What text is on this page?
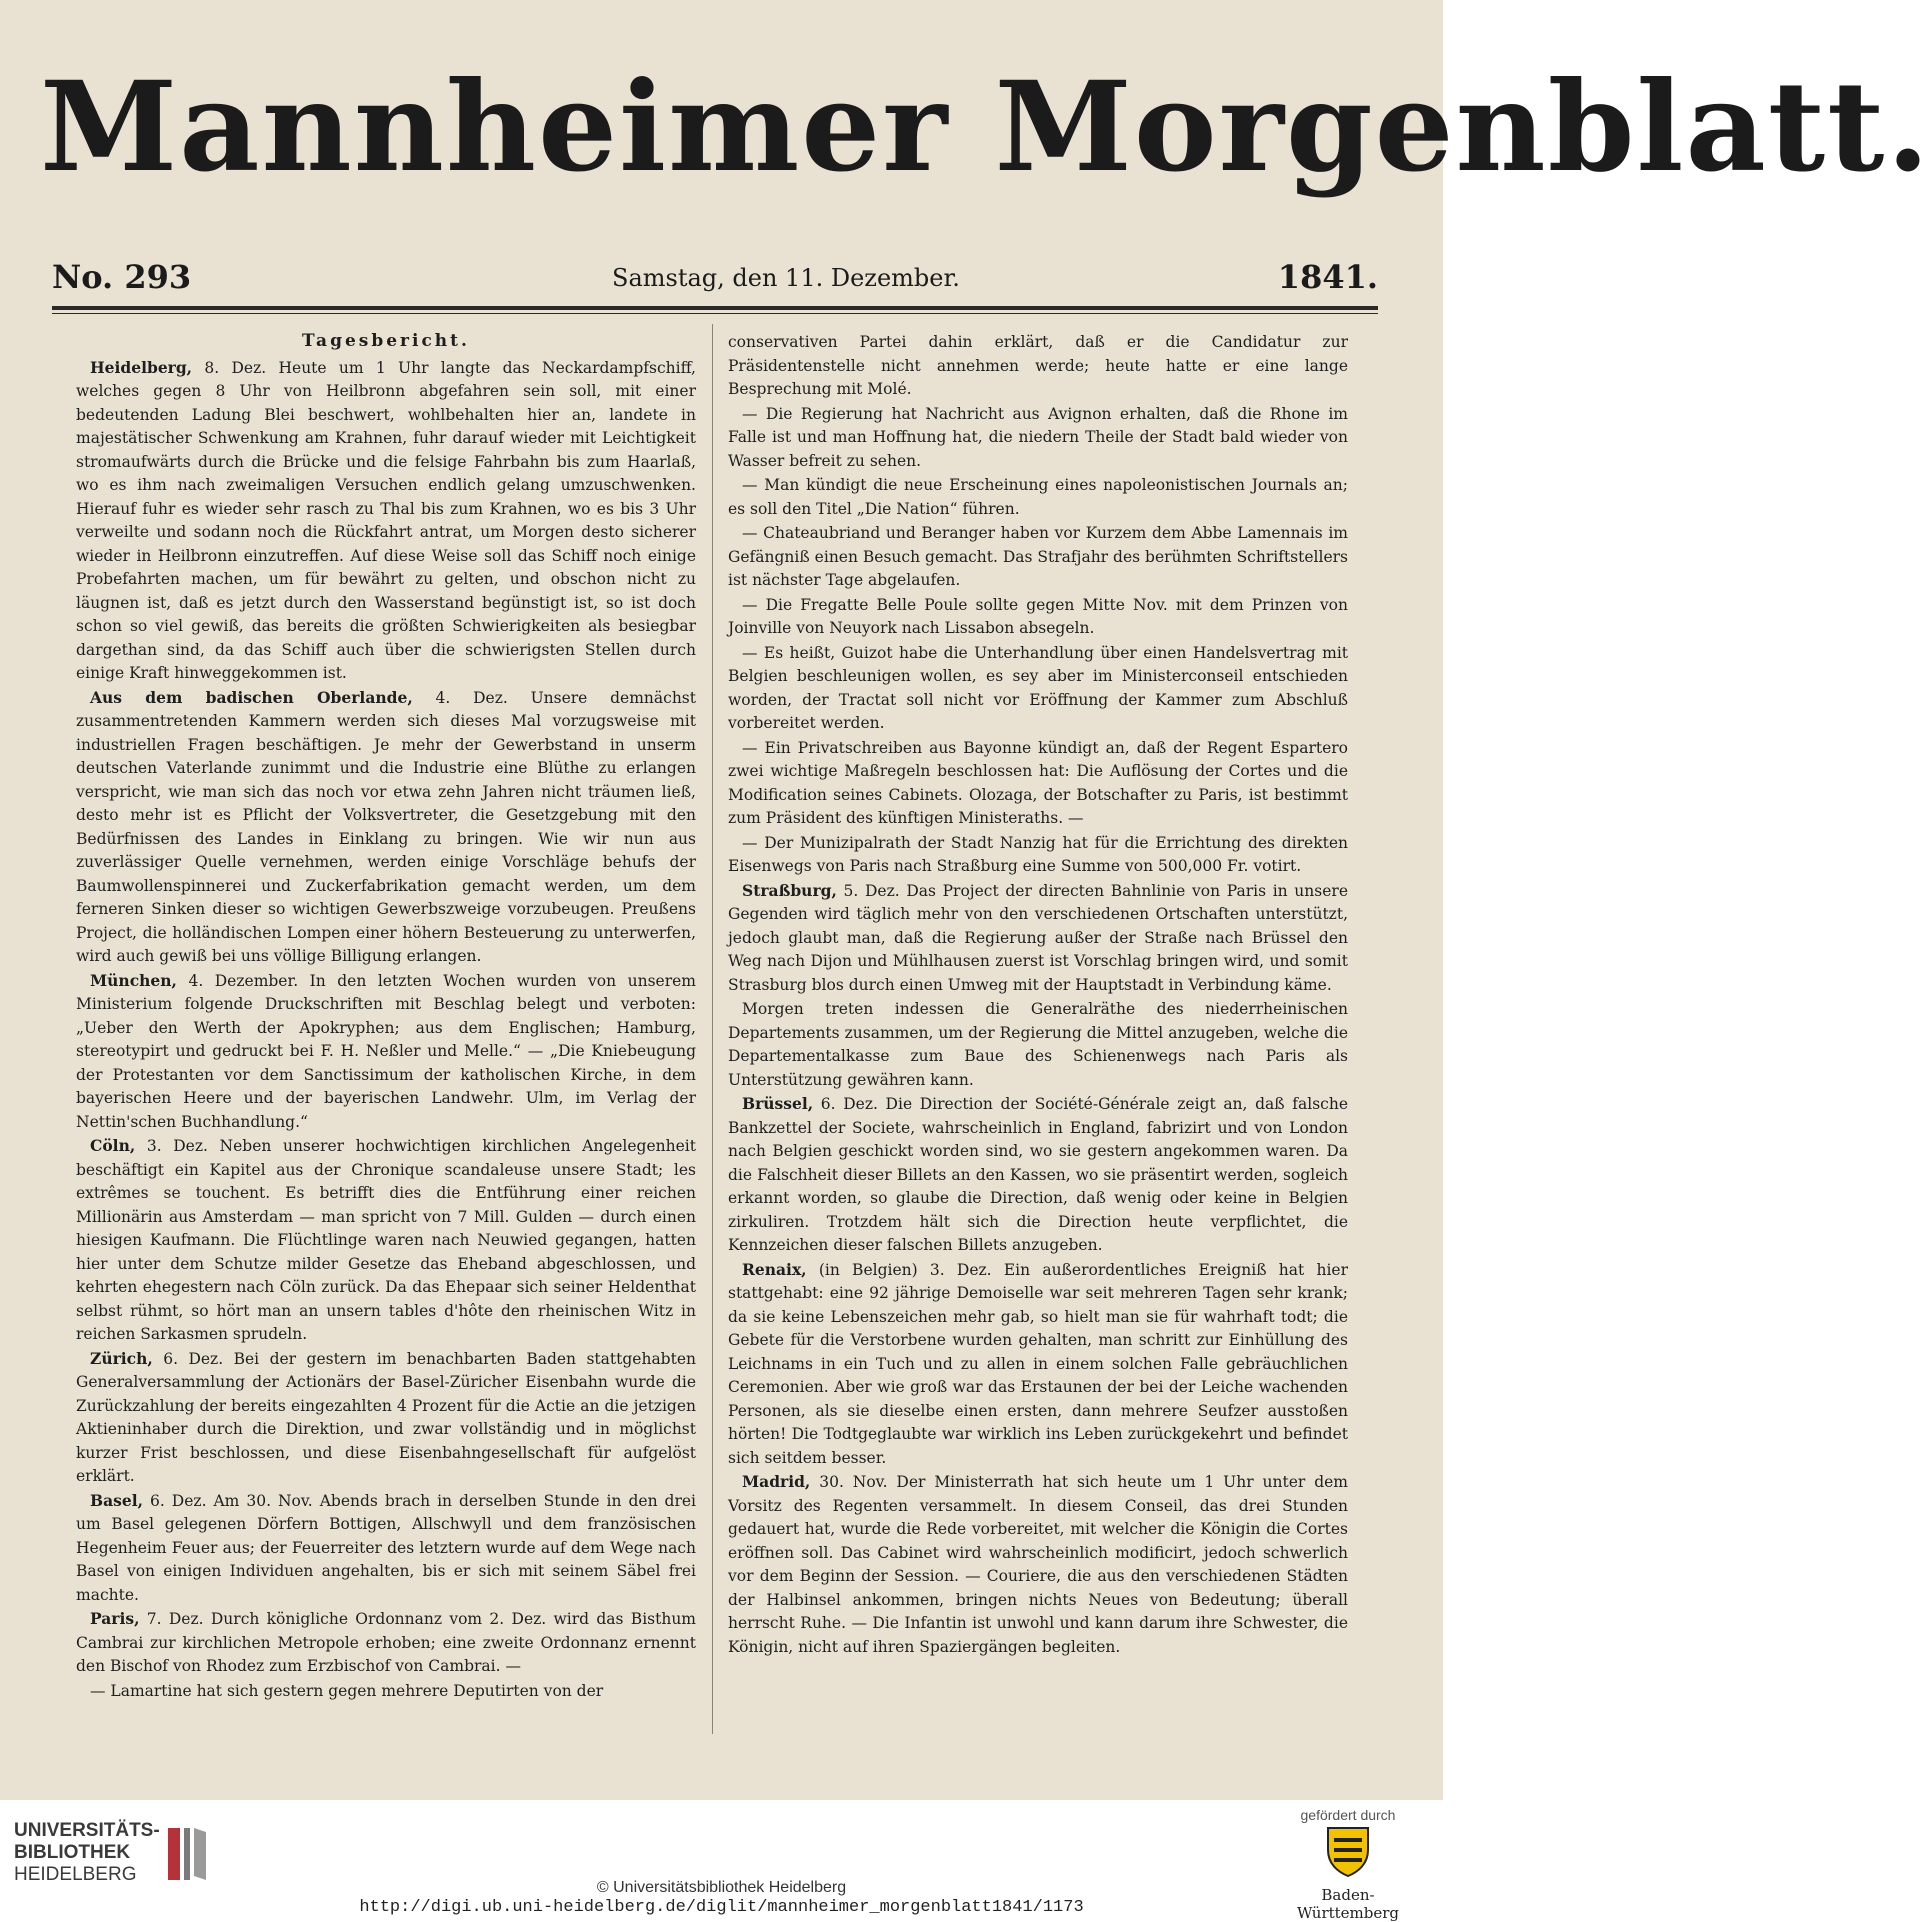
Mannheimer Morgenblatt.
No. 293	Samstag, den 11. Dezember.	1841.
Tagesbericht.

Heidelberg, 8. Dez. Heute um 1 Uhr langte das Neckardampfschiff, welches gegen 8 Uhr von Heilbronn abgefahren sein soll, mit einer bedeutenden Ladung Blei beschwert, wohlbehalten hier an, landete in majestätischer Schwenkung am Krahnen, fuhr darauf wieder mit Leichtigkeit stromaufwärts durch die Brücke und die felsige Fahrbahn bis zum Haarlaß, wo es ihm nach zweimaligen Versuchen endlich gelang umzuschwenken. Hierauf fuhr es wieder sehr rasch zu Thal bis zum Krahnen, wo es bis 3 Uhr verweilte und sodann noch die Rückfahrt antrat, um Morgen desto sicherer wieder in Heilbronn einzutreffen. Auf diese Weise soll das Schiff noch einige Probefahrten machen, um für bewährt zu gelten, und obschon nicht zu läugnen ist, daß es jetzt durch den Wasserstand begünstigt ist, so ist doch schon so viel gewiß, das bereits die größten Schwierigkeiten als besiegbar dargethan sind, da das Schiff auch über die schwierigsten Stellen durch einige Kraft hinweggekommen ist.

Aus dem badischen Oberlande, 4. Dez. Unsere demnächst zusammentretenden Kammern werden sich dieses Mal vorzugsweise mit industriellen Fragen beschäftigen. Je mehr der Gewerbstand in unserm deutschen Vaterlande zunimmt und die Industrie eine Blüthe zu erlangen verspricht, wie man sich das noch vor etwa zehn Jahren nicht träumen ließ, desto mehr ist es Pflicht der Volksvertreter, die Gesetzgebung mit den Bedürfnissen des Landes in Einklang zu bringen. Wie wir nun aus zuverlässiger Quelle vernehmen, werden einige Vorschläge behufs der Baumwollenspinnerei und Zuckerfabrikation gemacht werden, um dem ferneren Sinken dieser so wichtigen Gewerbszweige vorzubeugen. Preußens Project, die holländischen Lompen einer höhern Besteuerung zu unterwerfen, wird auch gewiß bei uns völlige Billigung erlangen.

München, 4. Dezember. In den letzten Wochen wurden von unserem Ministerium folgende Druckschriften mit Beschlag belegt und verboten: „Ueber den Werth der Apokryphen; aus dem Englischen; Hamburg, stereotypirt und gedruckt bei F. H. Neßler und Melle.“ — „Die Kniebeugung der Protestanten vor dem Sanctissimum der katholischen Kirche, in dem bayerischen Heere und der bayerischen Landwehr. Ulm, im Verlag der Nettin'schen Buchhandlung.“

Cöln, 3. Dez. Neben unserer hochwichtigen kirchlichen Angelegenheit beschäftigt ein Kapitel aus der Chronique scandaleuse unsere Stadt; les extrêmes se touchent. Es betrifft dies die Entführung einer reichen Millionärin aus Amsterdam — man spricht von 7 Mill. Gulden — durch einen hiesigen Kaufmann. Die Flüchtlinge waren nach Neuwied gegangen, hatten hier unter dem Schutze milder Gesetze das Eheband abgeschlossen, und kehrten ehegestern nach Cöln zurück. Da das Ehepaar sich seiner Heldenthat selbst rühmt, so hört man an unsern tables d'hôte den rheinischen Witz in reichen Sarkasmen sprudeln.

Zürich, 6. Dez. Bei der gestern im benachbarten Baden stattgehabten Generalversammlung der Actionärs der Basel-Züricher Eisenbahn wurde die Zurückzahlung der bereits eingezahlten 4 Prozent für die Actie an die jetzigen Aktieninhaber durch die Direktion, und zwar vollständig und in möglichst kurzer Frist beschlossen, und diese Eisenbahngesellschaft für aufgelöst erklärt.

Basel, 6. Dez. Am 30. Nov. Abends brach in derselben Stunde in den drei um Basel gelegenen Dörfern Bottigen, Allschwyll und dem französischen Hegenheim Feuer aus; der Feuerreiter des letztern wurde auf dem Wege nach Basel von einigen Individuen angehalten, bis er sich mit seinem Säbel frei machte.

Paris, 7. Dez. Durch königliche Ordonnanz vom 2. Dez. wird das Bisthum Cambrai zur kirchlichen Metropole erhoben; eine zweite Ordonnanz ernennt den Bischof von Rhodez zum Erzbischof von Cambrai. —

— Lamartine hat sich gestern gegen mehrere Deputirten von der

conservativen Partei dahin erklärt, daß er die Candidatur zur Präsidentenstelle nicht annehmen werde; heute hatte er eine lange Besprechung mit Molé.

— Die Regierung hat Nachricht aus Avignon erhalten, daß die Rhone im Falle ist und man Hoffnung hat, die niedern Theile der Stadt bald wieder von Wasser befreit zu sehen.

— Man kündigt die neue Erscheinung eines napoleonistischen Journals an; es soll den Titel „Die Nation“ führen.

— Chateaubriand und Beranger haben vor Kurzem dem Abbe Lamennais im Gefängniß einen Besuch gemacht. Das Strafjahr des berühmten Schriftstellers ist nächster Tage abgelaufen.

— Die Fregatte Belle Poule sollte gegen Mitte Nov. mit dem Prinzen von Joinville von Neuyork nach Lissabon absegeln.

— Es heißt, Guizot habe die Unterhandlung über einen Handelsvertrag mit Belgien beschleunigen wollen, es sey aber im Ministerconseil entschieden worden, der Tractat soll nicht vor Eröffnung der Kammer zum Abschluß vorbereitet werden.

— Ein Privatschreiben aus Bayonne kündigt an, daß der Regent Espartero zwei wichtige Maßregeln beschlossen hat: Die Auflösung der Cortes und die Modification seines Cabinets. Olozaga, der Botschafter zu Paris, ist bestimmt zum Präsident des künftigen Ministeraths. —

— Der Munizipalrath der Stadt Nanzig hat für die Errichtung des direkten Eisenwegs von Paris nach Straßburg eine Summe von 500,000 Fr. votirt.

Straßburg, 5. Dez. Das Project der directen Bahnlinie von Paris in unsere Gegenden wird täglich mehr von den verschiedenen Ortschaften unterstützt, jedoch glaubt man, daß die Regierung außer der Straße nach Brüssel den Weg nach Dijon und Mühlhausen zuerst ist Vorschlag bringen wird, und somit Strasburg blos durch einen Umweg mit der Hauptstadt in Verbindung käme.

Morgen treten indessen die Generalräthe des niederrheinischen Departements zusammen, um der Regierung die Mittel anzugeben, welche die Departementalkasse zum Baue des Schienenwegs nach Paris als Unterstützung gewähren kann.

Brüssel, 6. Dez. Die Direction der Société-Générale zeigt an, daß falsche Bankzettel der Societe, wahrscheinlich in England, fabrizirt und von London nach Belgien geschickt worden sind, wo sie gestern angekommen waren. Da die Falschheit dieser Billets an den Kassen, wo sie präsentirt werden, sogleich erkannt worden, so glaube die Direction, daß wenig oder keine in Belgien zirkuliren. Trotzdem hält sich die Direction heute verpflichtet, die Kennzeichen dieser falschen Billets anzugeben.

Renaix, (in Belgien) 3. Dez. Ein außerordentliches Ereigniß hat hier stattgehabt: eine 92 jährige Demoiselle war seit mehreren Tagen sehr krank; da sie keine Lebenszeichen mehr gab, so hielt man sie für wahrhaft todt; die Gebete für die Verstorbene wurden gehalten, man schritt zur Einhüllung des Leichnams in ein Tuch und zu allen in einem solchen Falle gebräuchlichen Ceremonien. Aber wie groß war das Erstaunen der bei der Leiche wachenden Personen, als sie dieselbe einen ersten, dann mehrere Seufzer ausstoßen hörten! Die Todtgeglaubte war wirklich ins Leben zurückgekehrt und befindet sich seitdem besser.

Madrid, 30. Nov. Der Ministerrath hat sich heute um 1 Uhr unter dem Vorsitz des Regenten versammelt. In diesem Conseil, das drei Stunden gedauert hat, wurde die Rede vorbereitet, mit welcher die Königin die Cortes eröffnen soll. Das Cabinet wird wahrscheinlich modificirt, jedoch schwerlich vor dem Beginn der Session. — Couriere, die aus den verschiedenen Städten der Halbinsel ankommen, bringen nichts Neues von Bedeutung; überall herrscht Ruhe. — Die Infantin ist unwohl und kann darum ihre Schwester, die Königin, nicht auf ihren Spaziergängen begleiten.

UNIVERSITÄTS-
BIBLIOTHEK
HEIDELBERG
© Universitätsbibliothek Heidelberg
http://digi.ub.uni-heidelberg.de/diglit/mannheimer_morgenblatt1841/1173
gefördert durch
Baden-Württemberg
